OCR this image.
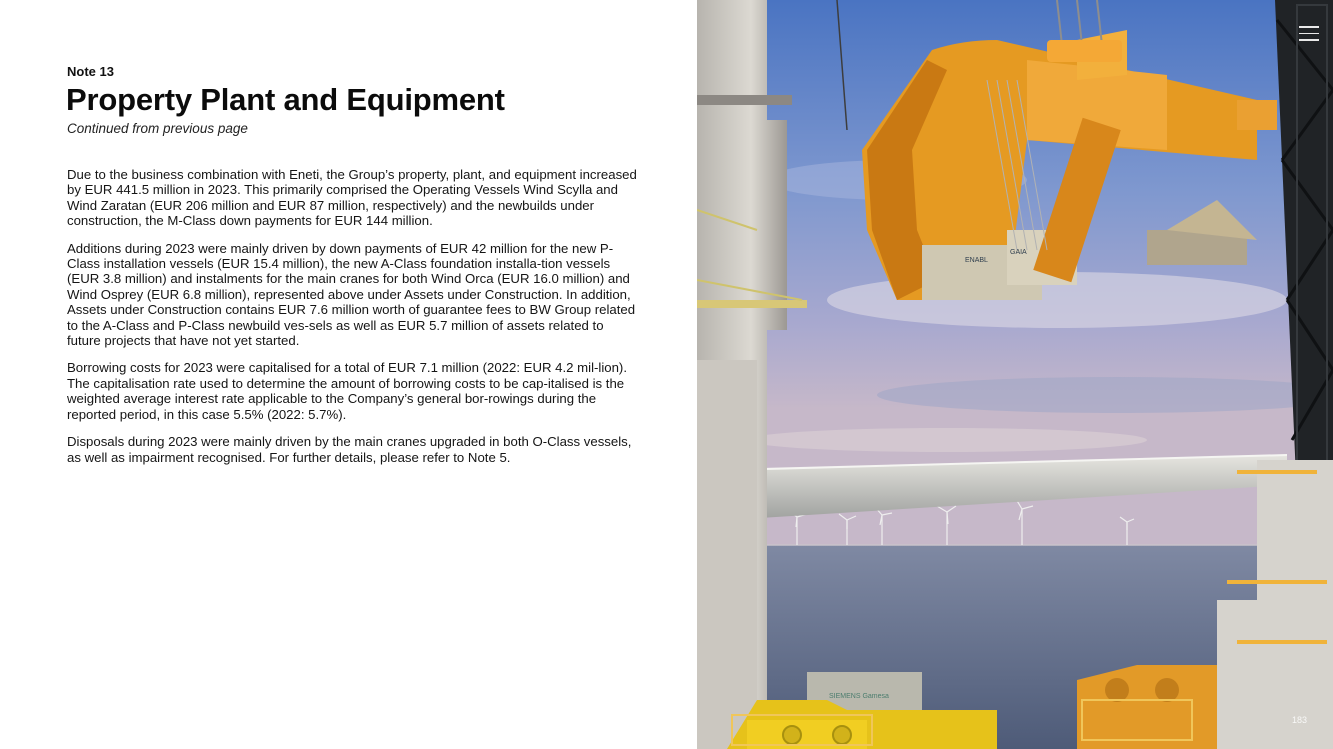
Note 13
Property Plant and Equipment
Continued from previous page

Due to the business combination with Eneti, the Group’s property, plant, and equipment increased by EUR 441.5 million in 2023. This primarily comprised the Operating Vessels Wind Scylla and Wind Zaratan (EUR 206 million and EUR 87 million, respectively) and the newbuilds under construction, the M-Class down payments for EUR 144 million.

Additions during 2023 were mainly driven by down payments of EUR 42 million for the new P-Class installation vessels (EUR 15.4 million), the new A-Class foundation installa-tion vessels (EUR 3.8 million) and instalments for the main cranes for both Wind Orca (EUR 16.0 million) and Wind Osprey (EUR 6.8 million), represented above under Assets under Construction. In addition, Assets under Construction contains EUR 7.6 million worth of guarantee fees to BW Group related to the A-Class and P-Class newbuild ves-sels as well as EUR 5.7 million of assets related to future projects that have not yet started.

Borrowing costs for 2023 were capitalised for a total of EUR 7.1 million (2022: EUR 4.2 mil-lion). The capitalisation rate used to determine the amount of borrowing costs to be cap-italised is the weighted average interest rate applicable to the Company’s general bor-rowings during the reported period, in this case 5.5% (2022: 5.7%).

Disposals during 2023 were mainly driven by the main cranes upgraded in both O-Class vessels, as well as impairment recognised. For further details, please refer to Note 5.

ENABL
GAIA
SIEMENS Gamesa
183
